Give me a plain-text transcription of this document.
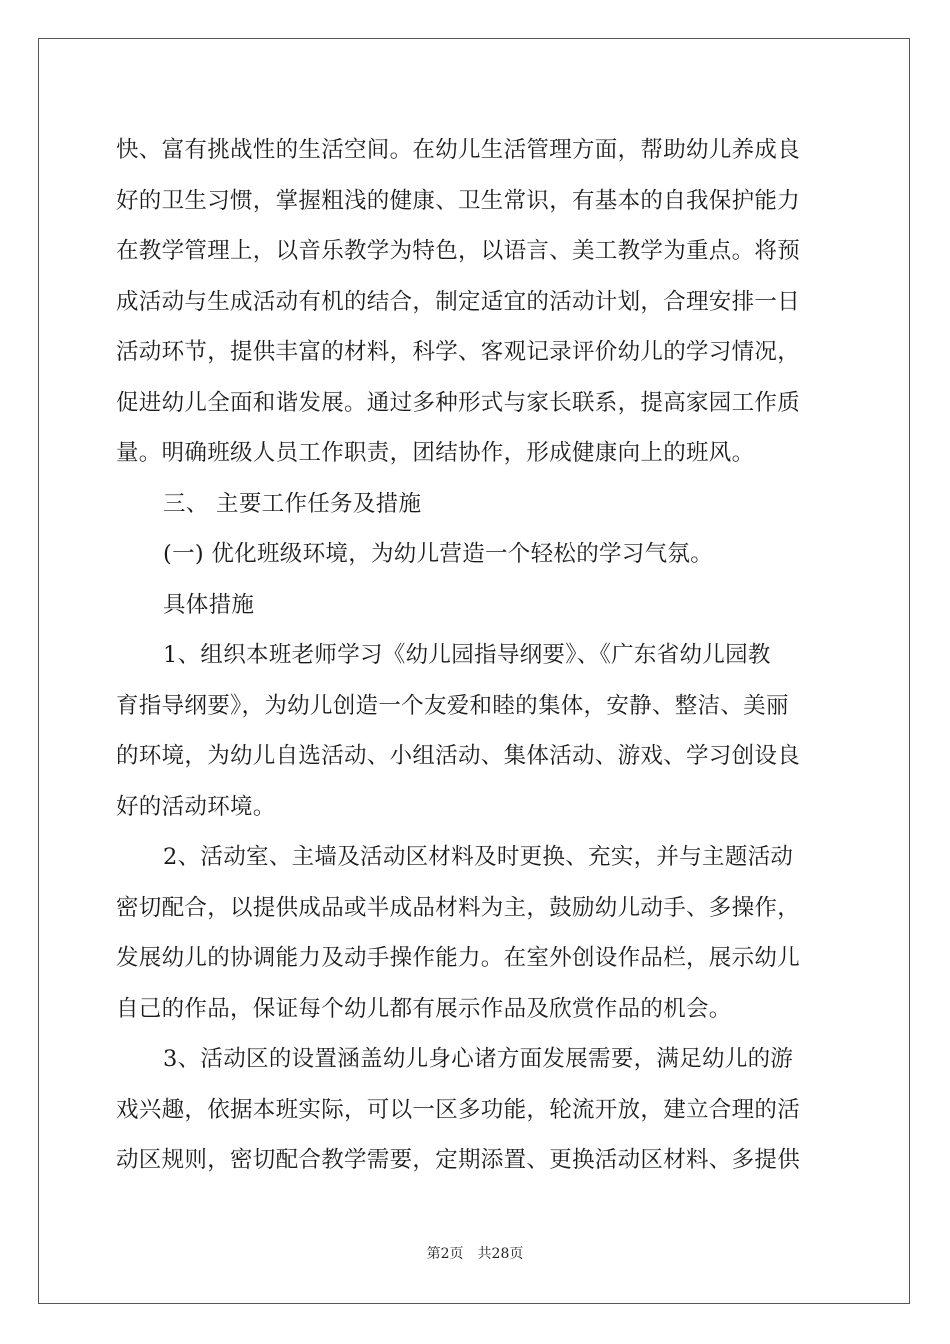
快、富有挑战性的生活空间。在幼儿生活管理方面，帮助幼儿养成良
好的卫生习惯，掌握粗浅的健康、卫生常识，有基本的自我保护能力
在教学管理上，以音乐教学为特色，以语言、美工教学为重点。将预
成活动与生成活动有机的结合，制定适宜的活动计划，合理安排一日
活动环节，提供丰富的材料，科学、客观记录评价幼儿的学习情况，
促进幼儿全面和谐发展。通过多种形式与家长联系，提高家园工作质
量。明确班级人员工作职责，团结协作，形成健康向上的班风。
三、 主要工作任务及措施
(一) 优化班级环境，为幼儿营造一个轻松的学习气氛。
具体措施
1、组织本班老师学习《幼儿园指导纲要》、《广东省幼儿园教
育指导纲要》，为幼儿创造一个友爱和睦的集体，安静、整洁、美丽
的环境，为幼儿自选活动、小组活动、集体活动、游戏、学习创设良
好的活动环境。
2、活动室、主墙及活动区材料及时更换、充实，并与主题活动
密切配合，以提供成品或半成品材料为主，鼓励幼儿动手、多操作，
发展幼儿的协调能力及动手操作能力。在室外创设作品栏，展示幼儿
自己的作品，保证每个幼儿都有展示作品及欣赏作品的机会。
3、活动区的设置涵盖幼儿身心诸方面发展需要，满足幼儿的游
戏兴趣，依据本班实际，可以一区多功能，轮流开放，建立合理的活
动区规则，密切配合教学需要，定期添置、更换活动区材料、多提供
第2页　共28页
